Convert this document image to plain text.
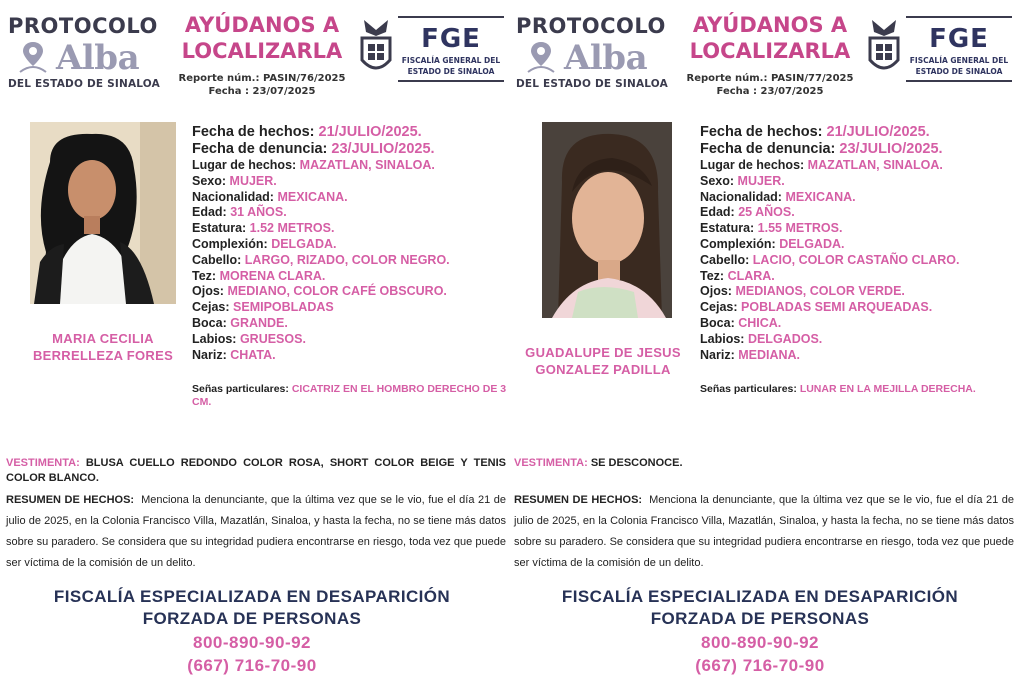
PROTOCOLO
Alba
DEL ESTADO DE SINALOA
AYÚDANOS A
LOCALIZARLA
Reporte núm.: PASIN/76/2025
Fecha : 23/07/2025
FGE
FISCALÍA GENERAL DEL
ESTADO DE SINALOA
MARIA CECILIA
BERRELLEZA FORES
Fecha de hechos: 21/JULIO/2025.
Fecha de denuncia: 23/JULIO/2025.
Lugar de hechos: MAZATLAN, SINALOA.
Sexo: MUJER.
Nacionalidad: MEXICANA.
Edad: 31 AÑOS.
Estatura: 1.52 METROS.
Complexión: DELGADA.
Cabello: LARGO, RIZADO, COLOR NEGRO.
Tez: MORENA CLARA.
Ojos: MEDIANO, COLOR CAFÉ OBSCURO.
Cejas: SEMIPOBLADAS
Boca: GRANDE.
Labios: GRUESOS.
Nariz: CHATA.
Señas particulares: CICATRIZ EN EL HOMBRO DERECHO DE 3 CM.
VESTIMENTA: BLUSA CUELLO REDONDO COLOR ROSA, SHORT COLOR BEIGE Y TENIS COLOR BLANCO.
RESUMEN DE HECHOS: Menciona la denunciante, que la última vez que se le vio, fue el día 21 de julio de 2025, en la Colonia Francisco Villa, Mazatlán, Sinaloa, y hasta la fecha, no se tiene más datos sobre su paradero. Se considera que su integridad pudiera encontrarse en riesgo, toda vez que puede ser víctima de la comisión de un delito.
FISCALÍA ESPECIALIZADA EN DESAPARICIÓN
FORZADA DE PERSONAS
800-890-90-92
(667) 716-70-90
PROTOCOLO
Alba
DEL ESTADO DE SINALOA
AYÚDANOS A
LOCALIZARLA
Reporte núm.: PASIN/77/2025
Fecha : 23/07/2025
FGE
FISCALÍA GENERAL DEL
ESTADO DE SINALOA
GUADALUPE DE JESUS
GONZALEZ PADILLA
Fecha de hechos: 21/JULIO/2025.
Fecha de denuncia: 23/JULIO/2025.
Lugar de hechos: MAZATLAN, SINALOA.
Sexo: MUJER.
Nacionalidad: MEXICANA.
Edad: 25 AÑOS.
Estatura: 1.55 METROS.
Complexión: DELGADA.
Cabello: LACIO, COLOR CASTAÑO CLARO.
Tez: CLARA.
Ojos: MEDIANOS, COLOR VERDE.
Cejas: POBLADAS SEMI ARQUEADAS.
Boca: CHICA.
Labios: DELGADOS.
Nariz: MEDIANA.
Señas particulares: LUNAR EN LA MEJILLA DERECHA.
VESTIMENTA: SE DESCONOCE.
RESUMEN DE HECHOS: Menciona la denunciante, que la última vez que se le vio, fue el día 21 de julio de 2025, en la Colonia Francisco Villa, Mazatlán, Sinaloa, y hasta la fecha, no se tiene más datos sobre su paradero. Se considera que su integridad pudiera encontrarse en riesgo, toda vez que puede ser víctima de la comisión de un delito.
FISCALÍA ESPECIALIZADA EN DESAPARICIÓN
FORZADA DE PERSONAS
800-890-90-92
(667) 716-70-90
